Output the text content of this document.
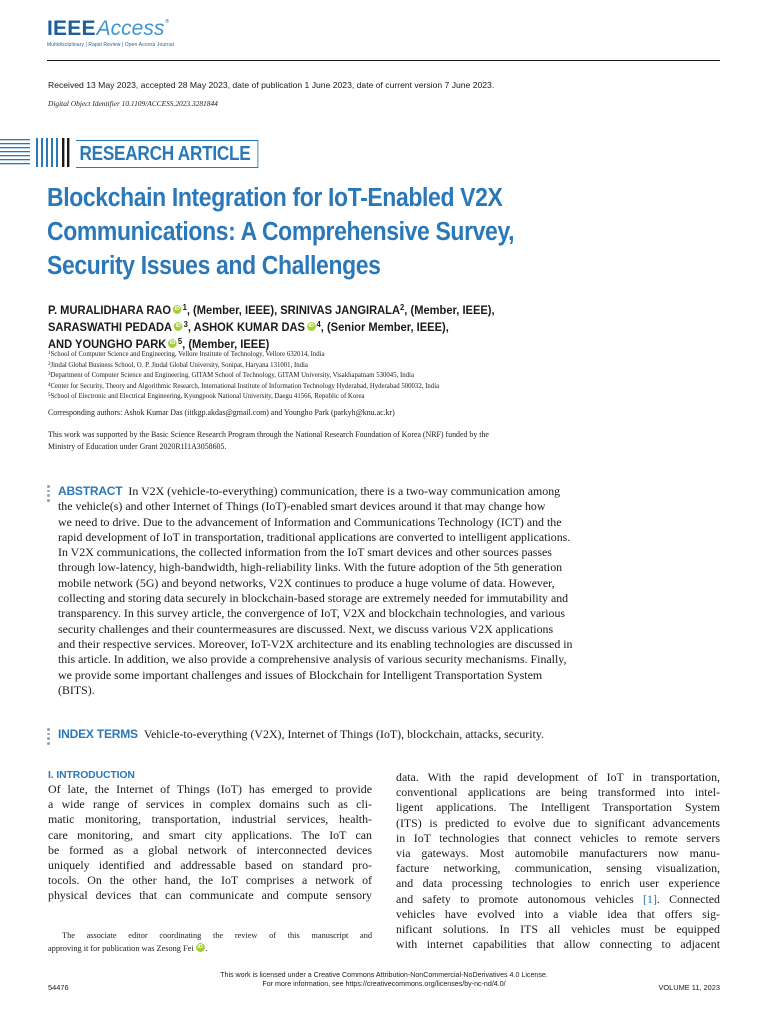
IEEE Access ®
Multidisciplinary | Rapid Review | Open Access Journal
Received 13 May 2023, accepted 28 May 2023, date of publication 1 June 2023, date of current version 7 June 2023.
Digital Object Identifier 10.1109/ACCESS.2023.3281844
RESEARCH ARTICLE
Blockchain Integration for IoT-Enabled V2X
Communications: A Comprehensive Survey,
Security Issues and Challenges
P. MURALIDHARA RAO iD $^1$, (Member, IEEE), SRINIVAS JANGIRALA$^2$, (Member, IEEE),
SARASWATHI PEDADA iD $^3$, ASHOK KUMAR DAS iD $^4$, (Senior Member, IEEE),
AND YOUNGHO PARK iD $^5$, (Member, IEEE)
$^1$School of Computer Science and Engineering, Vellore Institute of Technology, Vellore 632014, India
$^2$Jindal Global Business School, O. P. Jindal Global University, Sonipat, Haryana 131001, India
$^3$Department of Computer Science and Engineering, GITAM School of Technology, GITAM University, Visakhapatnam 530045, India
$^4$Center for Security, Theory and Algorithmic Research, International Institute of Information Technology Hyderabad, Hyderabad 500032, India
$^5$School of Electronic and Electrical Engineering, Kyungpook National University, Daegu 41566, Republic of Korea
Corresponding authors: Ashok Kumar Das (iitkgp.akdas@gmail.com) and Youngho Park (parkyh@knu.ac.kr)
This work was supported by the Basic Science Research Program through the National Research Foundation of Korea (NRF) funded by the
Ministry of Education under Grant 2020R1I1A3058605.
ABSTRACT In V2X (vehicle-to-everything) communication, there is a two-way communication among
the vehicle(s) and other Internet of Things (IoT)-enabled smart devices around it that may change how
we need to drive. Due to the advancement of Information and Communications Technology (ICT) and the
rapid development of IoT in transportation, traditional applications are converted to intelligent applications.
In V2X communications, the collected information from the IoT smart devices and other sources passes
through low-latency, high-bandwidth, high-reliability links. With the future adoption of the 5th generation
mobile network (5G) and beyond networks, V2X continues to produce a huge volume of data. However,
collecting and storing data securely in blockchain-based storage are extremely needed for immutability and
transparency. In this survey article, the convergence of IoT, V2X and blockchain technologies, and various
security challenges and their countermeasures are discussed. Next, we discuss various V2X applications
and their respective services. Moreover, IoT-V2X architecture and its enabling technologies are discussed in
this article. In addition, we also provide a comprehensive analysis of various security mechanisms. Finally,
we provide some important challenges and issues of Blockchain for Intelligent Transportation System
(BITS).
INDEX TERMS Vehicle-to-everything (V2X), Internet of Things (IoT), blockchain, attacks, security.
I. INTRODUCTION
Of late, the Internet of Things (IoT) has emerged to provide
a wide range of services in complex domains such as cli-
matic monitoring, transportation, industrial services, health-
care monitoring, and smart city applications. The IoT can
be formed as a global network of interconnected devices
uniquely identified and addressable based on standard pro-
tocols. On the other hand, the IoT comprises a network of
physical devices that can communicate and compute sensory
The associate editor coordinating the review of this manuscript and
approving it for publication was Zesong Fei iD .
data. With the rapid development of IoT in transportation,
conventional applications are being transformed into intel-
ligent applications. The Intelligent Transportation System
(ITS) is predicted to evolve due to significant advancements
in IoT technologies that connect vehicles to remote servers
via gateways. Most automobile manufacturers now manu-
facture networking, communication, sensing visualization,
and data processing technologies to enrich user experience
and safety to promote autonomous vehicles [1]. Connected
vehicles have evolved into a viable idea that offers sig-
nificant solutions. In ITS all vehicles must be equipped
with internet capabilities that allow connecting to adjacent
This work is licensed under a Creative Commons Attribution-NonCommercial-NoDerivatives 4.0 License.
For more information, see https://creativecommons.org/licenses/by-nc-nd/4.0/
54476	VOLUME 11, 2023
